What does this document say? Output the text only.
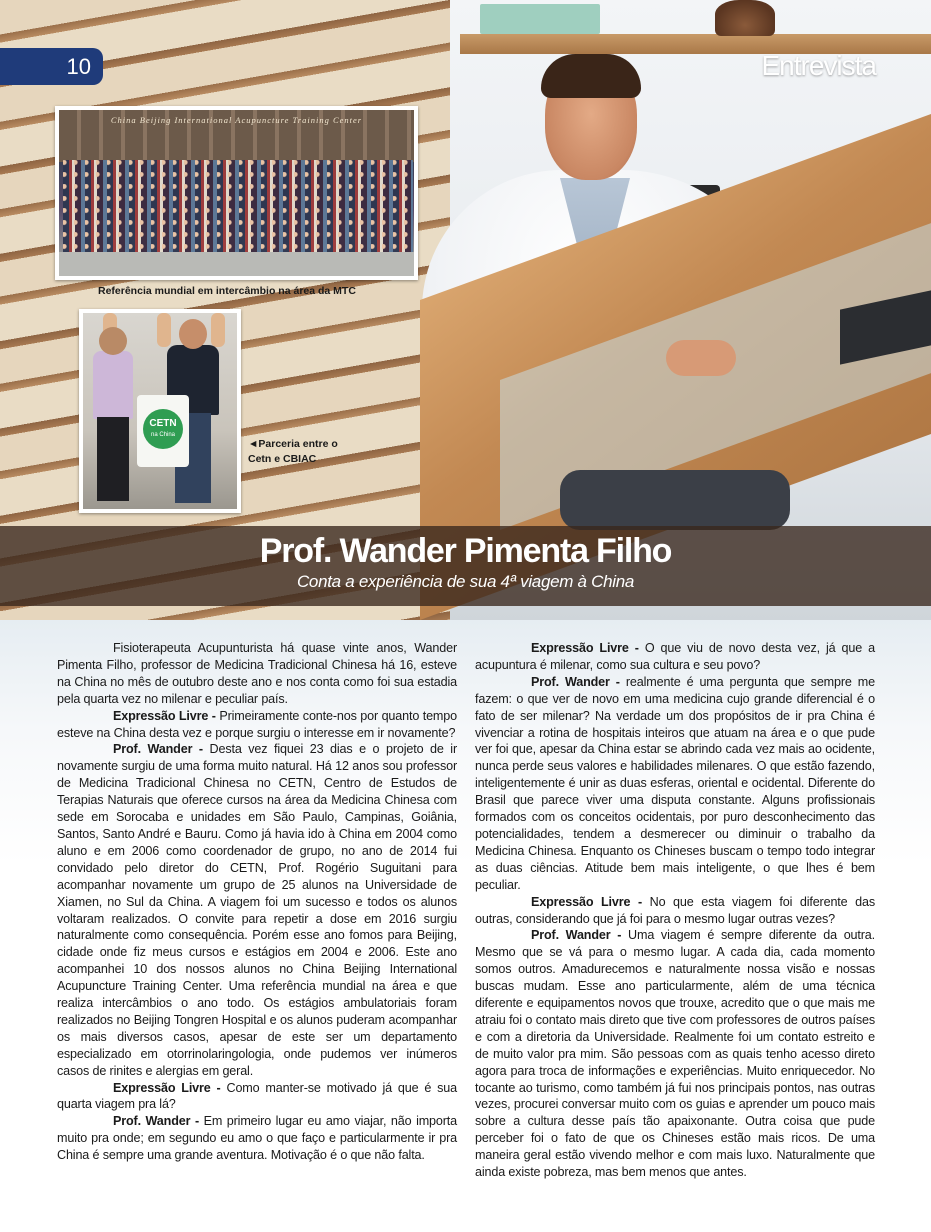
10	Entrevista
China Beijing International Acupuncture Training Center
Referência mundial em intercâmbio na área da MTC
CETN
na China
◄Parceria entre o
Cetn e CBIAC
Prof. Wander Pimenta Filho
Conta a experiência de sua 4ª viagem à China

Fisioterapeuta Acupunturista há quase vinte anos, Wander Pimenta Filho, professor de Medicina Tradicional Chinesa há 16, esteve na China no mês de outubro deste ano e nos conta como foi sua estadia pela quarta vez no milenar e peculiar país.

Expressão Livre - Primeiramente conte-nos por quanto tempo esteve na China desta vez e porque surgiu o interesse em ir novamente?

Prof. Wander - Desta vez fiquei 23 dias e o projeto de ir novamente surgiu de uma forma muito natural. Há 12 anos sou professor de Medicina Tradicional Chinesa no CETN, Centro de Estudos de Terapias Naturais que oferece cursos na área da Medicina Chinesa com sede em Sorocaba e unidades em São Paulo, Campinas, Goiânia, Santos, Santo André e Bauru. Como já havia ido à China em 2004 como aluno e em 2006 como coordenador de grupo, no ano de 2014 fui convidado pelo diretor do CETN, Prof. Rogério Suguitani para acompanhar novamente um grupo de 25 alunos na Universidade de Xiamen, no Sul da China. A viagem foi um sucesso e todos os alunos voltaram realizados. O convite para repetir a dose em 2016 surgiu naturalmente como consequência. Porém esse ano fomos para Beijing, cidade onde fiz meus cursos e estágios em 2004 e 2006. Este ano acompanhei 10 dos nossos alunos no China Beijing International Acupuncture Training Center. Uma referência mundial na área e que realiza intercâmbios o ano todo. Os estágios ambulatoriais foram realizados no Beijing Tongren Hospital e os alunos puderam acompanhar os mais diversos casos, apesar de este ser um departamento especializado em otorrinolaringologia, onde pudemos ver inúmeros casos de rinites e alergias em geral.

Expressão Livre - Como manter-se motivado já que é sua quarta viagem pra lá?

Prof. Wander - Em primeiro lugar eu amo viajar, não importa muito pra onde; em segundo eu amo o que faço e particularmente ir pra China é sempre uma grande aventura. Motivação é o que não falta.

Expressão Livre - O que viu de novo desta vez, já que a acupuntura é milenar, como sua cultura e seu povo?

Prof. Wander - realmente é uma pergunta que sempre me fazem: o que ver de novo em uma medicina cujo grande diferencial é o fato de ser milenar? Na verdade um dos propósitos de ir pra China é vivenciar a rotina de hospitais inteiros que atuam na área e o que pude ver foi que, apesar da China estar se abrindo cada vez mais ao ocidente, nunca perde seus valores e habilidades milenares. O que estão fazendo, inteligentemente é unir as duas esferas, oriental e ocidental. Diferente do Brasil que parece viver uma disputa constante. Alguns profissionais formados com os conceitos ocidentais, por puro desconhecimento das potencialidades, tendem a desmerecer ou diminuir o trabalho da Medicina Chinesa. Enquanto os Chineses buscam o tempo todo integrar as duas ciências. Atitude bem mais inteligente, o que lhes é bem peculiar.

Expressão Livre - No que esta viagem foi diferente das outras, considerando que já foi para o mesmo lugar outras vezes?

Prof. Wander - Uma viagem é sempre diferente da outra. Mesmo que se vá para o mesmo lugar. A cada dia, cada momento somos outros. Amadurecemos e naturalmente nossa visão e nossas buscas mudam. Esse ano particularmente, além de uma técnica diferente e equipamentos novos que trouxe, acredito que o que mais me atraiu foi o contato mais direto que tive com professores de outros países e com a diretoria da Universidade. Realmente foi um contato estreito e de muito valor pra mim. São pessoas com as quais tenho acesso direto agora para troca de informações e experiências. Muito enriquecedor. No tocante ao turismo, como também já fui nos principais pontos, nas outras vezes, procurei conversar muito com os guias e aprender um pouco mais sobre a cultura desse país tão apaixonante. Outra coisa que pude perceber foi o fato de que os Chineses estão mais ricos. De uma maneira geral estão vivendo melhor e com mais luxo. Naturalmente que ainda existe pobreza, mas bem menos que antes.
